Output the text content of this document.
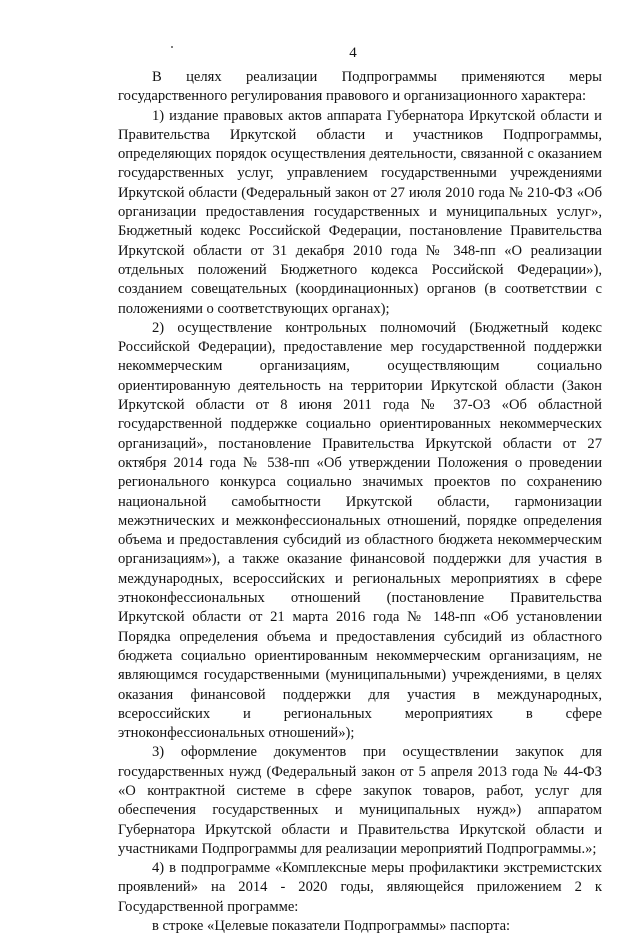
4

В целях реализации Подпрограммы применяются меры государственного регулирования правового и организационного характера:

1) издание правовых актов аппарата Губернатора Иркутской области и Правительства Иркутской области и участников Подпрограммы, определяющих порядок осуществления деятельности, связанной с оказанием государственных услуг, управлением государственными учреждениями Иркутской области (Федеральный закон от 27 июля 2010 года № 210-ФЗ «Об организации предоставления государственных и муниципальных услуг», Бюджетный кодекс Российской Федерации, постановление Правительства Иркутской области от 31 декабря 2010 года № 348-пп «О реализации отдельных положений Бюджетного кодекса Российской Федерации»), созданием совещательных (координационных) органов (в соответствии с положениями о соответствующих органах);

2) осуществление контрольных полномочий (Бюджетный кодекс Российской Федерации), предоставление мер государственной поддержки некоммерческим организациям, осуществляющим социально ориентированную деятельность на территории Иркутской области (Закон Иркутской области от 8 июня 2011 года № 37-ОЗ «Об областной государственной поддержке социально ориентированных некоммерческих организаций», постановление Правительства Иркутской области от 27 октября 2014 года № 538-пп «Об утверждении Положения о проведении регионального конкурса социально значимых проектов по сохранению национальной самобытности Иркутской области, гармонизации межэтнических и межконфессиональных отношений, порядке определения объема и предоставления субсидий из областного бюджета некоммерческим организациям»), а также оказание финансовой поддержки для участия в международных, всероссийских и региональных мероприятиях в сфере этноконфессиональных отношений (постановление Правительства Иркутской области от 21 марта 2016 года № 148-пп «Об установлении Порядка определения объема и предоставления субсидий из областного бюджета социально ориентированным некоммерческим организациям, не являющимся государственными (муниципальными) учреждениями, в целях оказания финансовой поддержки для участия в международных, всероссийских и региональных мероприятиях в сфере этноконфессиональных отношений»);

3) оформление документов при осуществлении закупок для государственных нужд (Федеральный закон от 5 апреля 2013 года № 44-ФЗ «О контрактной системе в сфере закупок товаров, работ, услуг для обеспечения государственных и муниципальных нужд») аппаратом Губернатора Иркутской области и Правительства Иркутской области и участниками Подпрограммы для реализации мероприятий Подпрограммы.»;

4) в подпрограмме «Комплексные меры профилактики экстремистских проявлений» на 2014 - 2020 годы, являющейся приложением 2 к Государственной программе:

в строке «Целевые показатели Подпрограммы» паспорта:
